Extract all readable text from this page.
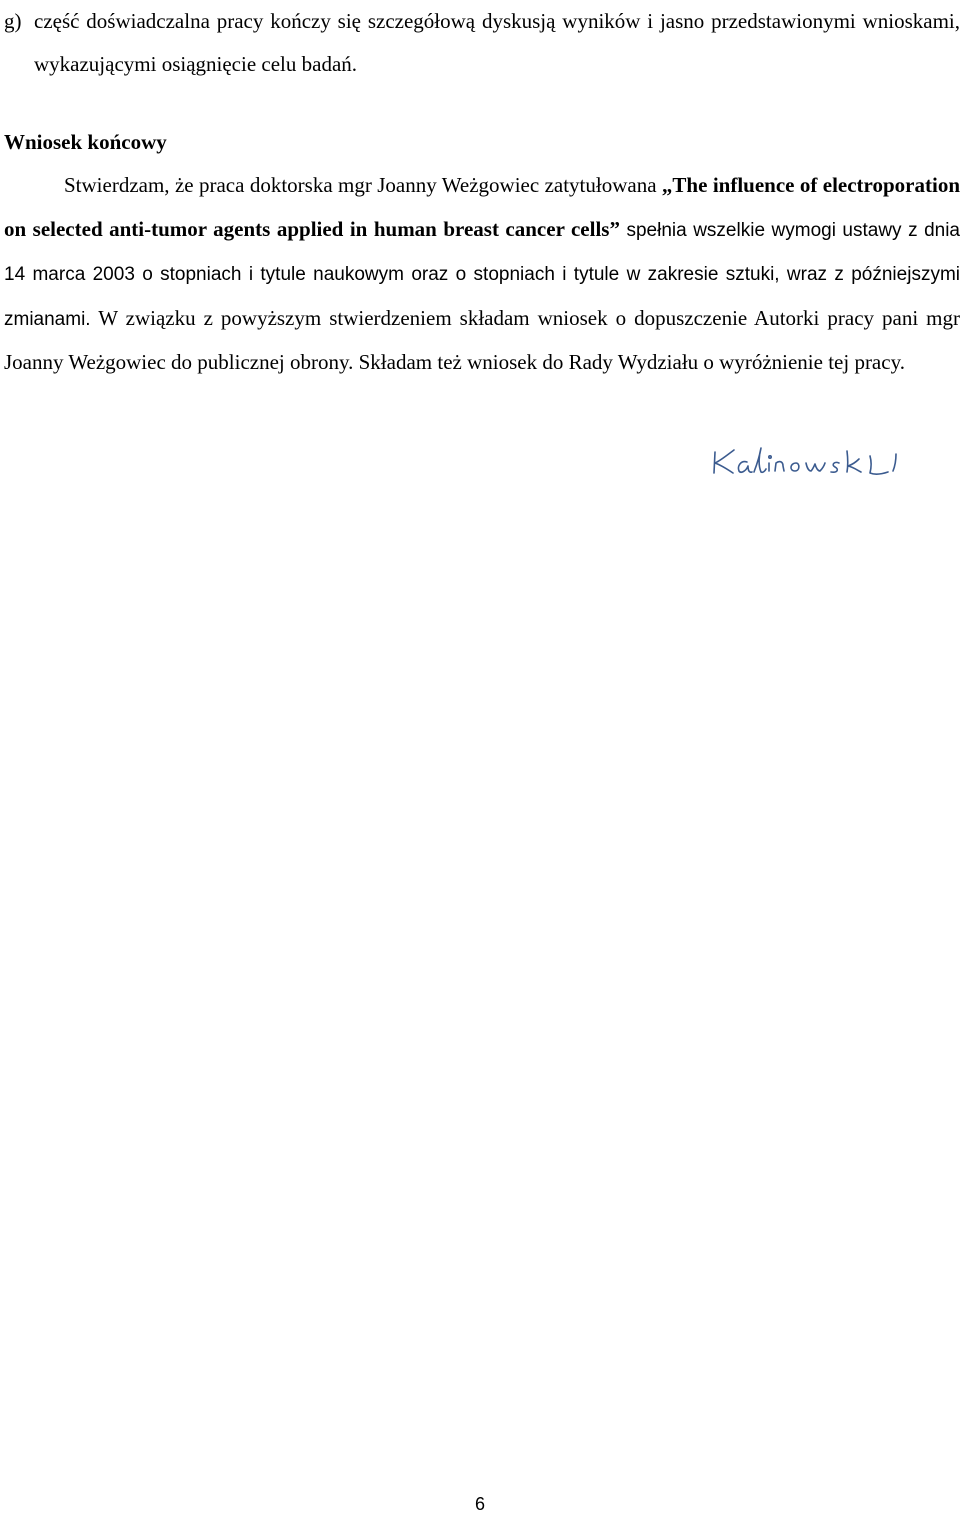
g) część doświadczalna pracy kończy się szczegółową dyskusją wyników i jasno przedstawionymi wnioskami, wykazującymi osiągnięcie celu badań.
Wniosek końcowy

Stwierdzam, że praca doktorska mgr Joanny Weżgowiec zatytułowana „The influence of electroporation on selected anti-tumor agents applied in human breast cancer cells” spełnia wszelkie wymogi ustawy z dnia 14 marca 2003 o stopniach i tytule naukowym oraz o stopniach i tytule w zakresie sztuki, wraz z późniejszymi zmianami. W związku z powyższym stwierdzeniem składam wniosek o dopuszczenie Autorki pracy pani mgr Joanny Weżgowiec do publicznej obrony. Składam też wniosek do Rady Wydziału o wyróżnienie tej pracy.

6
